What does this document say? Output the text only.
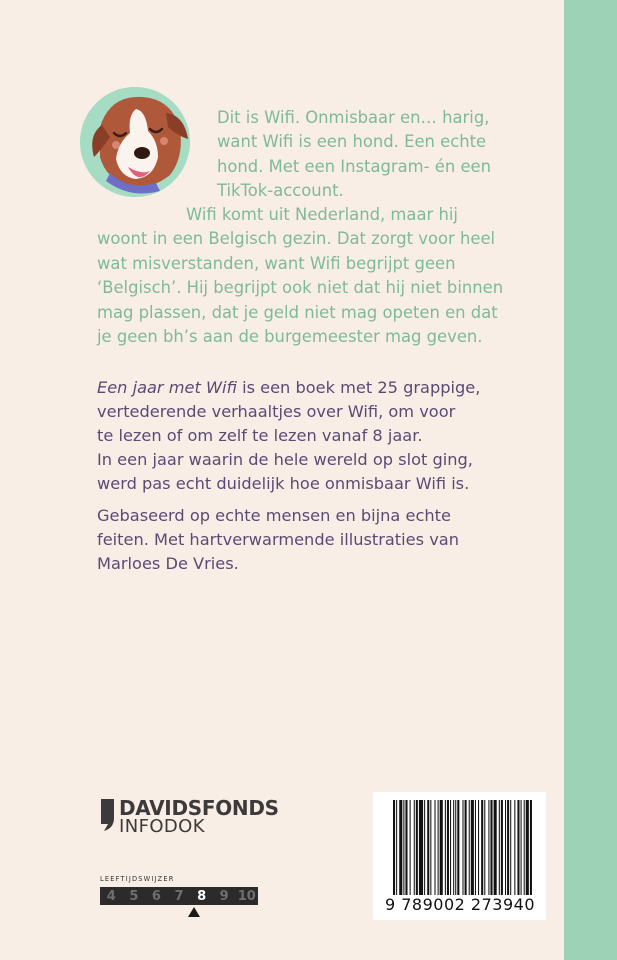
Dit is Wifi. Onmisbaar en… harig,
want Wifi is een hond. Een echte
hond. Met een Instagram- én een
TikTok-account.
Wifi komt uit Nederland, maar hij
woont in een Belgisch gezin. Dat zorgt voor heel
wat misverstanden, want Wifi begrijpt geen
‘Belgisch’. Hij begrijpt ook niet dat hij niet binnen
mag plassen, dat je geld niet mag opeten en dat
je geen bh’s aan de burgemeester mag geven.
Een jaar met Wifi is een boek met 25 grappige,
vertederende verhaaltjes over Wifi, om voor
te lezen of om zelf te lezen vanaf 8 jaar.
In een jaar waarin de hele wereld op slot ging,
werd pas echt duidelijk hoe onmisbaar Wifi is.
Gebaseerd op echte mensen en bijna echte
feiten. Met hartverwarmende illustraties van
Marloes De Vries.
DAVIDSFONDS
INFODOK
LEEFTIJDSWIJZER
4	5	6	7	8	9 10	9 789002 273940
